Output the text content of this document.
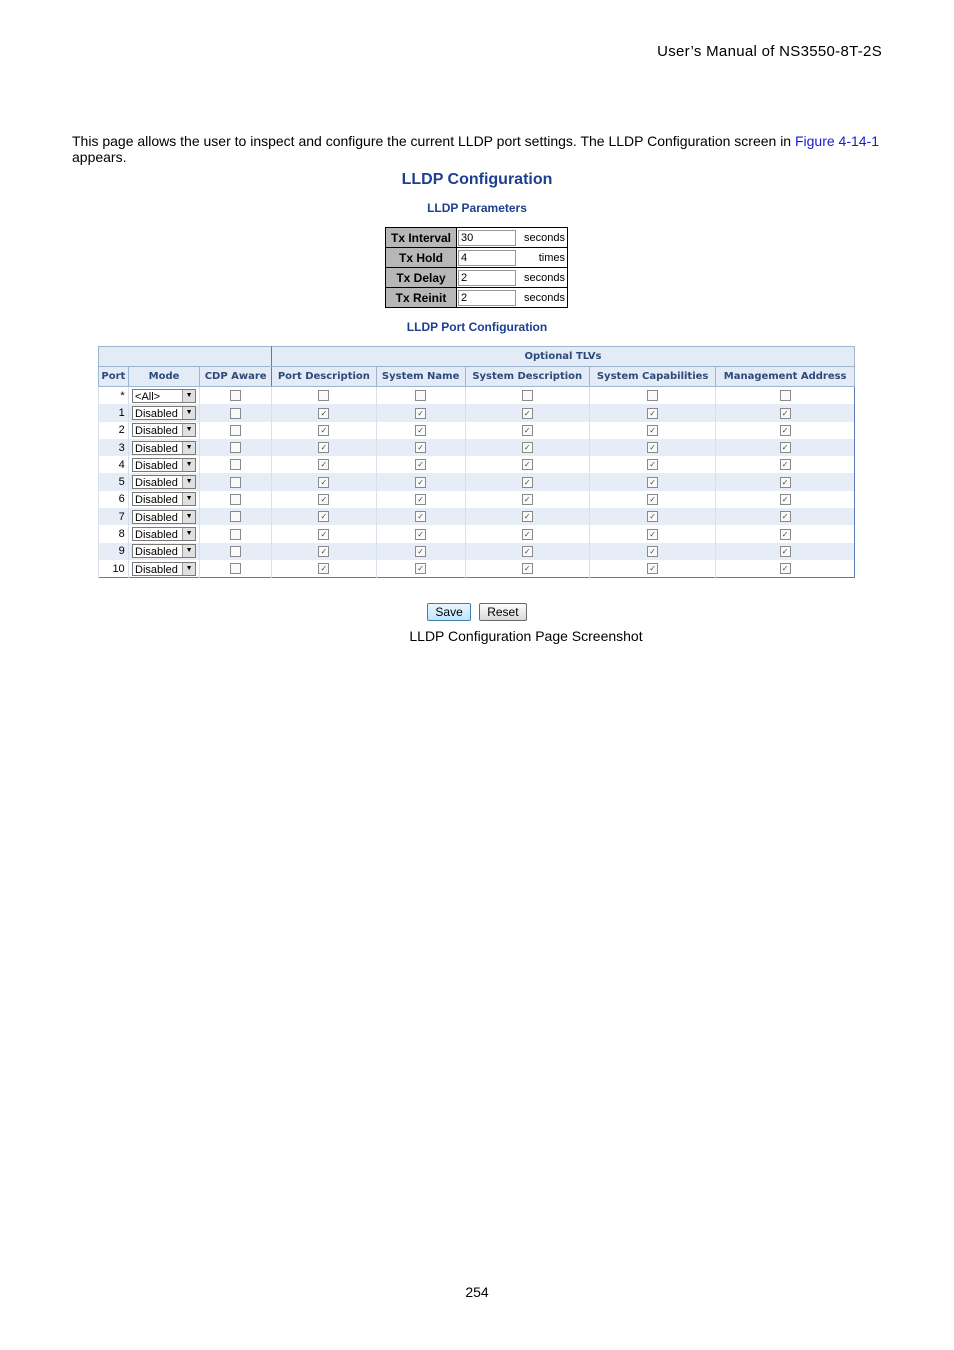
User’s Manual of NS3550-8T-2S
This page allows the user to inspect and configure the current LLDP port settings. The LLDP Configuration screen in Figure 4-14-1 appears.
LLDP Configuration
LLDP Parameters
Tx Interval	30	seconds
Tx Hold	4	times
Tx Delay	2	seconds
Tx Reinit	2	seconds
LLDP Port Configuration
			Optional TLVs				
Port	Mode	CDP Aware	Port Description	System Name	System Description	System Capabilities	Management Address
*	<All> ▼						

1	Disabled ▼		✓	✓	✓	✓	✓
2	Disabled ▼		✓	✓	✓	✓	✓
3	Disabled ▼		✓	✓	✓	✓	✓
4	Disabled ▼		✓	✓	✓	✓	✓
5	Disabled ▼		✓	✓	✓	✓	✓
6	Disabled ▼		✓	✓	✓	✓	✓
7	Disabled ▼		✓	✓	✓	✓	✓
8	Disabled ▼		✓	✓	✓	✓	✓
9	Disabled ▼		✓	✓	✓	✓	✓
10	Disabled ▼		✓	✓	✓	✓	✓
Save Reset
LLDP Configuration Page Screenshot
254
